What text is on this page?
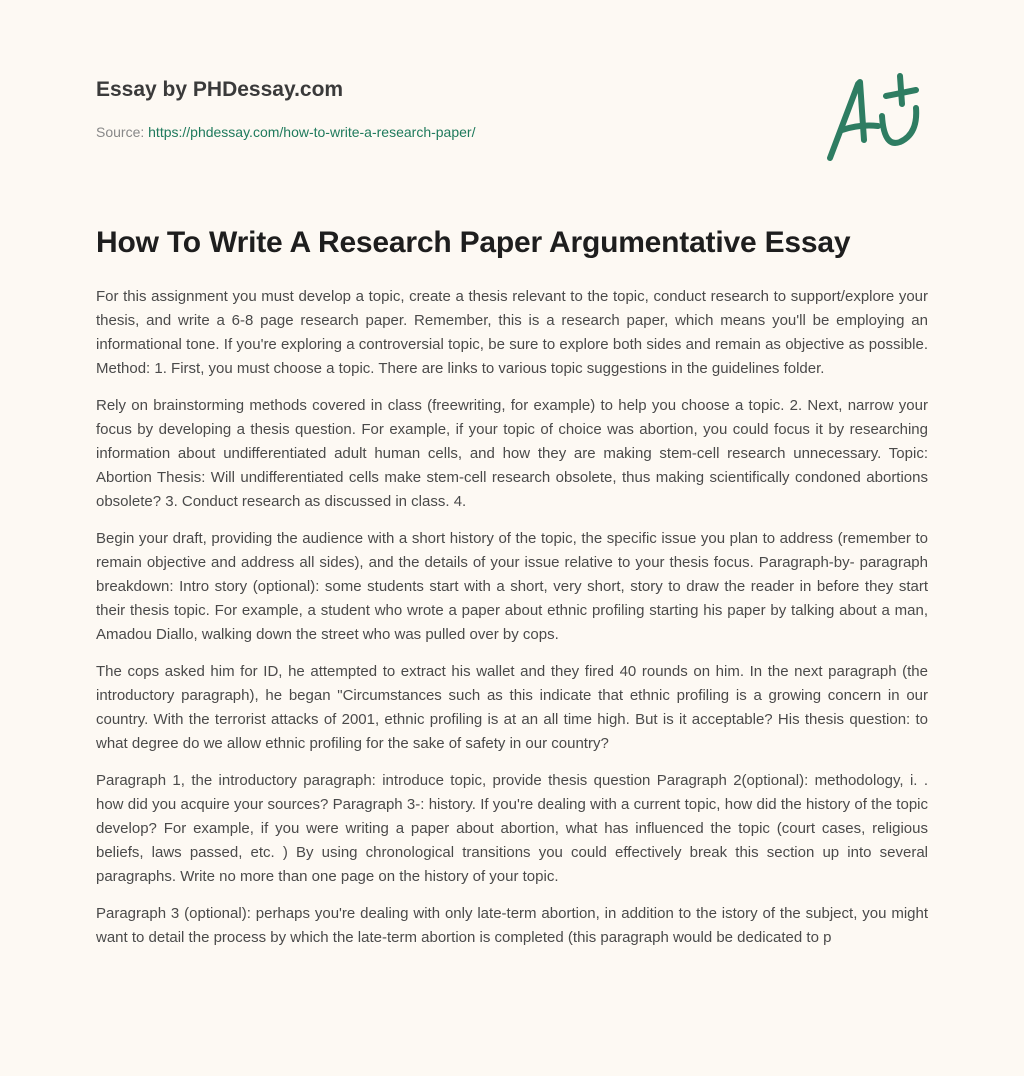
Essay by PHDessay.com
Source: https://phdessay.com/how-to-write-a-research-paper/
How To Write A Research Paper Argumentative Essay

For this assignment you must develop a topic, create a thesis relevant to the topic, conduct research to support/explore your thesis, and write a 6-8 page research paper. Remember, this is a research paper, which means you'll be employing an informational tone. If you're exploring a controversial topic, be sure to explore both sides and remain as objective as possible. Method: 1. First, you must choose a topic. There are links to various topic suggestions in the guidelines folder.

Rely on brainstorming methods covered in class (freewriting, for example) to help you choose a topic. 2. Next, narrow your focus by developing a thesis question. For example, if your topic of choice was abortion, you could focus it by researching information about undifferentiated adult human cells, and how they are making stem-cell research unnecessary. Topic: Abortion Thesis: Will undifferentiated cells make stem-cell research obsolete, thus making scientifically condoned abortions obsolete? 3. Conduct research as discussed in class. 4.

Begin your draft, providing the audience with a short history of the topic, the specific issue you plan to address (remember to remain objective and address all sides), and the details of your issue relative to your thesis focus. Paragraph-by- paragraph breakdown: Intro story (optional): some students start with a short, very short, story to draw the reader in before they start their thesis topic. For example, a student who wrote a paper about ethnic profiling starting his paper by talking about a man, Amadou Diallo, walking down the street who was pulled over by cops.

The cops asked him for ID, he attempted to extract his wallet and they fired 40 rounds on him. In the next paragraph (the introductory paragraph), he began "Circumstances such as this indicate that ethnic profiling is a growing concern in our country. With the terrorist attacks of 2001, ethnic profiling is at an all time high. But is it acceptable? His thesis question: to what degree do we allow ethnic profiling for the sake of safety in our country?

Paragraph 1, the introductory paragraph: introduce topic, provide thesis question Paragraph 2(optional): methodology, i. . how did you acquire your sources? Paragraph 3-: history. If you're dealing with a current topic, how did the history of the topic develop? For example, if you were writing a paper about abortion, what has influenced the topic (court cases, religious beliefs, laws passed, etc. ) By using chronological transitions you could effectively break this section up into several paragraphs. Write no more than one page on the history of your topic.

Paragraph 3 (optional): perhaps you're dealing with only late-term abortion, in addition to the istory of the subject, you might want to detail the process by which the late-term abortion is completed (this paragraph would be dedicated to p
